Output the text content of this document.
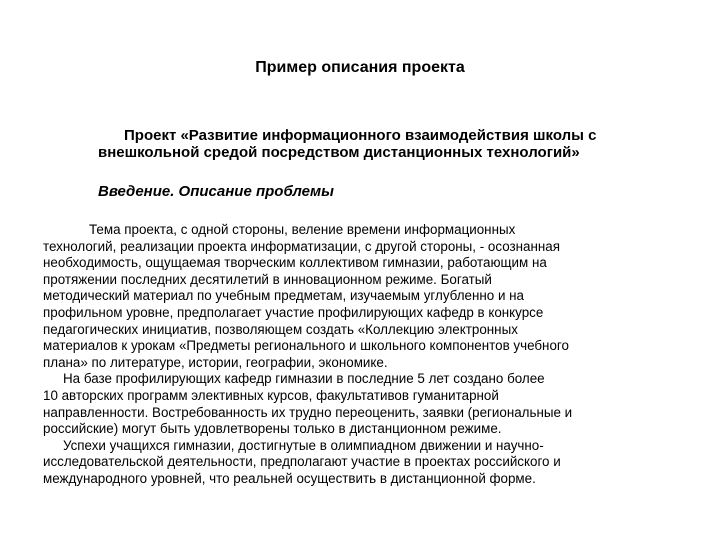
Пример описания проекта
Проект «Развитие информационного взаимодействия школы с
внешкольной средой посредством дистанционных технологий»
Введение. Описание проблемы
Тема проекта, с одной стороны, веление времени информационных
технологий, реализации проекта информатизации, с другой стороны, - осознанная
необходимость, ощущаемая творческим коллективом гимназии, работающим на
протяжении последних десятилетий в инновационном режиме. Богатый
методический материал по учебным предметам, изучаемым углубленно и на
профильном уровне, предполагает участие профилирующих кафедр в конкурсе
педагогических инициатив, позволяющем создать «Коллекцию электронных
материалов к урокам «Предметы регионального и школьного компонентов учебного
плана» по литературе, истории, географии, экономике.
На базе профилирующих кафедр гимназии в последние 5 лет создано более
10 авторских программ элективных курсов, факультативов гуманитарной
направленности. Востребованность их трудно переоценить, заявки (региональные и
российские) могут быть удовлетворены только в дистанционном режиме.
Успехи учащихся гимназии, достигнутые в олимпиадном движении и научно-
исследовательской деятельности, предполагают участие в проектах российского и
международного уровней, что реальней осуществить в дистанционной форме.
